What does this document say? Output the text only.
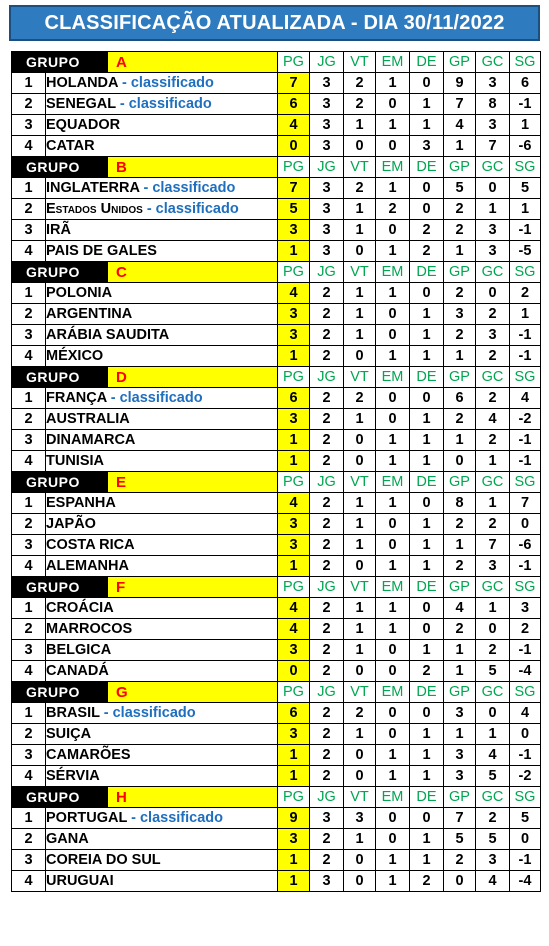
CLASSIFICAÇÃO ATUALIZADA - DIA 30/11/2022
GRUPO		A	PG	JG	VT	EM	DE	GP	GC	SG
1	HOLANDA - classificado		7	3	2	1	0	9	3	6
2	SENEGAL - classificado		6	3	2	0	1	7	8	-1
3	EQUADOR		4	3	1	1	1	4	3	1
4	CATAR		0	3	0	0	3	1	7	-6
GRUPO		B	PG	JG	VT	EM	DE	GP	GC	SG
1	INGLATERRA - classificado		7	3	2	1	0	5	0	5
2	Estados Unidos - classificado		5	3	1	2	0	2	1	1
3	IRÃ		3	3	1	0	2	2	3	-1
4	PAIS DE GALES		1	3	0	1	2	1	3	-5
GRUPO		C	PG	JG	VT	EM	DE	GP	GC	SG
1	POLONIA		4	2	1	1	0	2	0	2
2	ARGENTINA		3	2	1	0	1	3	2	1
3	ARÁBIA SAUDITA		3	2	1	0	1	2	3	-1
4	MÉXICO		1	2	0	1	1	1	2	-1
GRUPO		D	PG	JG	VT	EM	DE	GP	GC	SG
1	FRANÇA - classificado		6	2	2	0	0	6	2	4
2	AUSTRALIA		3	2	1	0	1	2	4	-2
3	DINAMARCA		1	2	0	1	1	1	2	-1
4	TUNISIA		1	2	0	1	1	0	1	-1
GRUPO		E	PG	JG	VT	EM	DE	GP	GC	SG
1	ESPANHA		4	2	1	1	0	8	1	7
2	JAPÃO		3	2	1	0	1	2	2	0
3	COSTA RICA		3	2	1	0	1	1	7	-6
4	ALEMANHA		1	2	0	1	1	2	3	-1
GRUPO		F	PG	JG	VT	EM	DE	GP	GC	SG
1	CROÁCIA		4	2	1	1	0	4	1	3
2	MARROCOS		4	2	1	1	0	2	0	2
3	BELGICA		3	2	1	0	1	1	2	-1
4	CANADÁ		0	2	0	0	2	1	5	-4
GRUPO		G	PG	JG	VT	EM	DE	GP	GC	SG
1	BRASIL - classificado		6	2	2	0	0	3	0	4
2	SUIÇA		3	2	1	0	1	1	1	0
3	CAMARÕES		1	2	0	1	1	3	4	-1
4	SÉRVIA		1	2	0	1	1	3	5	-2
GRUPO		H	PG	JG	VT	EM	DE	GP	GC	SG
1	PORTUGAL - classificado		9	3	3	0	0	7	2	5
2	GANA		3	2	1	0	1	5	5	0
3	COREIA DO SUL		1	2	0	1	1	2	3	-1
4	URUGUAI		1	3	0	1	2	0	4	-4
